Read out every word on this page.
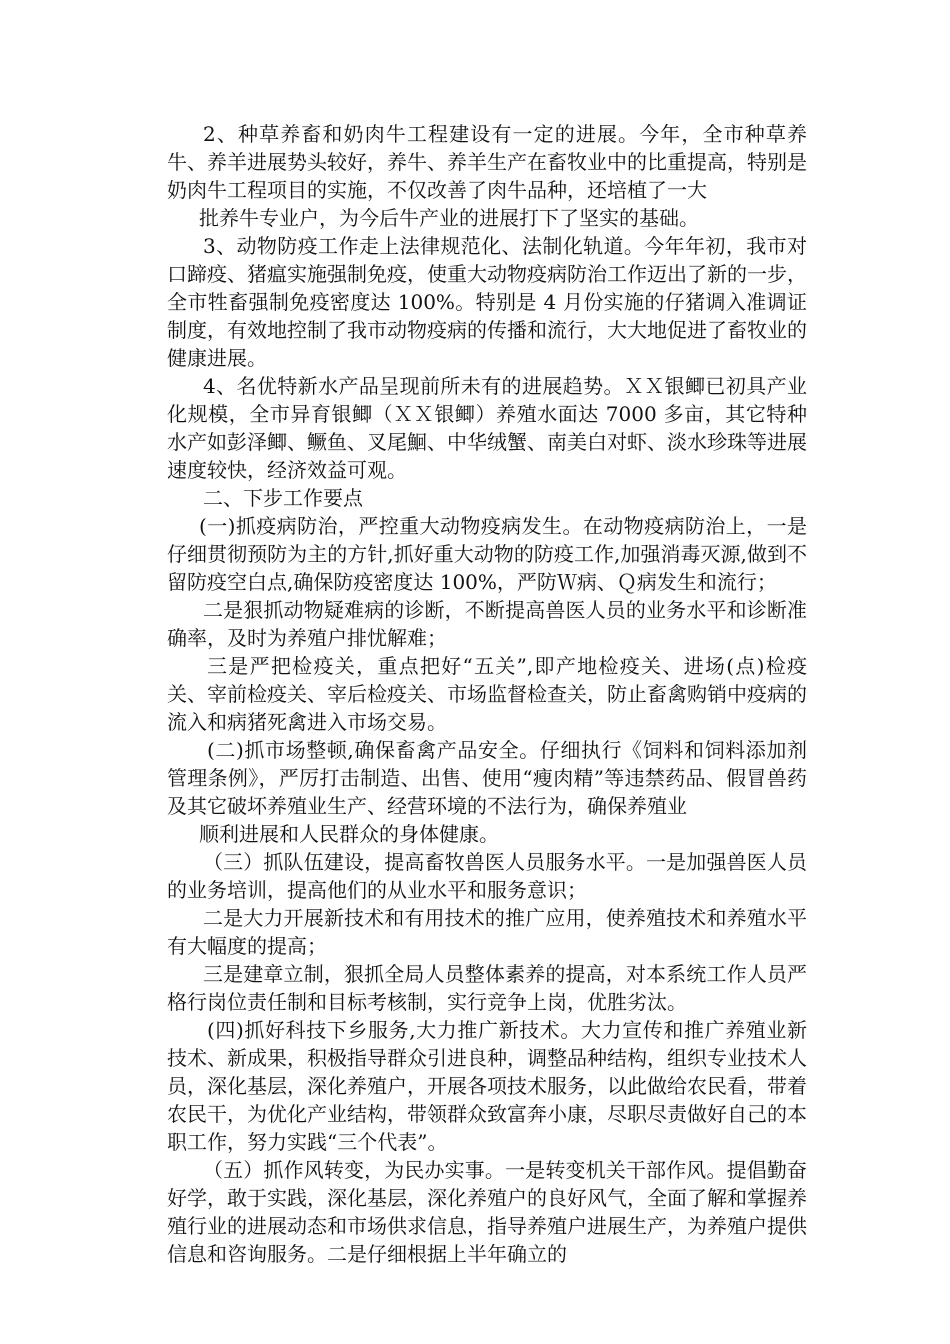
2、种草养畜和奶肉牛工程建设有一定的进展。今年，全市种草养牛、养羊进展势头较好，养牛、养羊生产在畜牧业中的比重提高，特别是奶肉牛工程项目的实施，不仅改善了肉牛品种，还培植了一大

批养牛专业户，为今后牛产业的进展打下了坚实的基础。

3、动物防疫工作走上法律规范化、法制化轨道。今年年初，我市对口蹄疫、猪瘟实施强制免疫，使重大动物疫病防治工作迈出了新的一步，全市牲畜强制免疫密度达 100%。特别是 4 月份实施的仔猪调入准调证制度，有效地控制了我市动物疫病的传播和流行，大大地促进了畜牧业的健康进展。

4、名优特新水产品呈现前所未有的进展趋势。ＸＸ银鲫已初具产业化规模，全市异育银鲫（ＸＸ银鲫）养殖水面达 7000 多亩，其它特种水产如彭泽鲫、鳜鱼、叉尾鮰、中华绒蟹、南美白对虾、淡水珍珠等进展速度较快，经济效益可观。

二、下步工作要点

(一)抓疫病防治，严控重大动物疫病发生。在动物疫病防治上，一是仔细贯彻预防为主的方针,抓好重大动物的防疫工作,加强消毒灭源,做到不留防疫空白点,确保防疫密度达 100%，严防Ｗ病、Ｑ病发生和流行；

二是狠抓动物疑难病的诊断，不断提高兽医人员的业务水平和诊断准确率，及时为养殖户排忧解难；

三是严把检疫关，重点把好“五关”,即产地检疫关、进场(点)检疫关、宰前检疫关、宰后检疫关、市场监督检查关，防止畜禽购销中疫病的流入和病猪死禽进入市场交易。

(二)抓市场整顿,确保畜禽产品安全。仔细执行《饲料和饲料添加剂管理条例》，严厉打击制造、出售、使用“瘦肉精”等违禁药品、假冒兽药及其它破坏养殖业生产、经营环境的不法行为，确保养殖业

顺利进展和人民群众的身体健康。

（三）抓队伍建设，提高畜牧兽医人员服务水平。一是加强兽医人员的业务培训，提高他们的从业水平和服务意识；

二是大力开展新技术和有用技术的推广应用，使养殖技术和养殖水平有大幅度的提高；

三是建章立制，狠抓全局人员整体素养的提高，对本系统工作人员严格行岗位责任制和目标考核制，实行竞争上岗，优胜劣汰。

(四)抓好科技下乡服务,大力推广新技术。大力宣传和推广养殖业新技术、新成果，积极指导群众引进良种，调整品种结构，组织专业技术人员，深化基层，深化养殖户，开展各项技术服务，以此做给农民看，带着农民干，为优化产业结构，带领群众致富奔小康，尽职尽责做好自己的本职工作，努力实践“三个代表”。

（五）抓作风转变，为民办实事。一是转变机关干部作风。提倡勤奋好学，敢于实践，深化基层，深化养殖户的良好风气，全面了解和掌握养殖行业的进展动态和市场供求信息，指导养殖户进展生产，为养殖户提供信息和咨询服务。二是仔细根据上半年确立的
